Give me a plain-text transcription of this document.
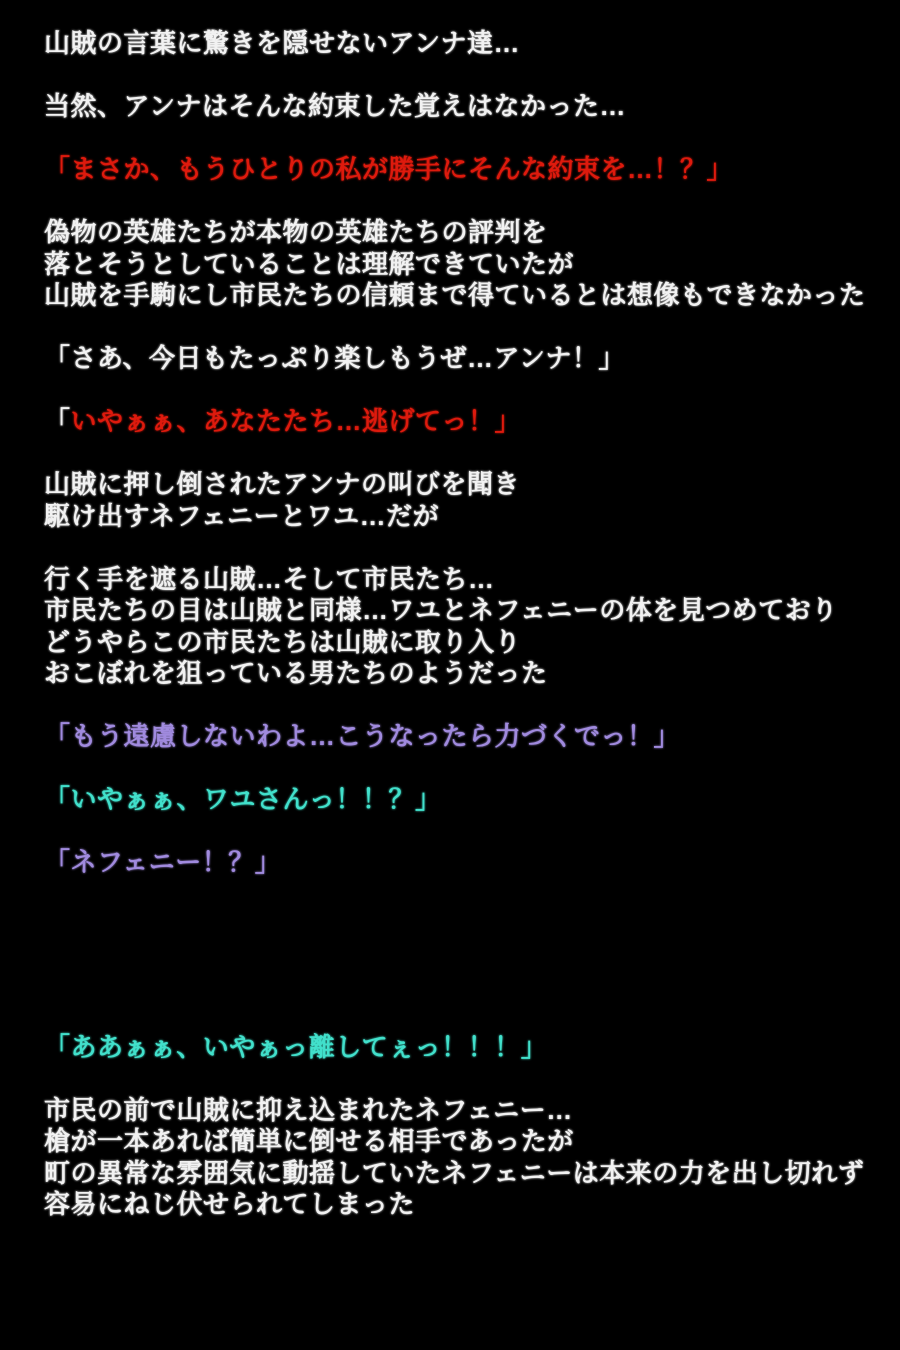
山賊の言葉に驚きを隠せないアンナ達…

当然、アンナはそんな約束した覚えはなかった…

「まさか、もうひとりの私が勝手にそんな約束を…！？」

偽物の英雄たちが本物の英雄たちの評判を

落とそうとしていることは理解できていたが

山賊を手駒にし市民たちの信頼まで得ているとは想像もできなかった

「さあ、今日もたっぷり楽しもうぜ…アンナ！」

「いやぁぁ、あなたたち…逃げてっ！」

山賊に押し倒されたアンナの叫びを聞き

駆け出すネフェニーとワユ…だが

行く手を遮る山賊…そして市民たち…

市民たちの目は山賊と同様…ワユとネフェニーの体を見つめており

どうやらこの市民たちは山賊に取り入り

おこぼれを狙っている男たちのようだった

「もう遠慮しないわよ…こうなったら力づくでっ！」

「いやぁぁ、ワユさんっ！！？」

「ネフェニー！？」

「ああぁぁ、いやぁっ離してぇっ！！！」

市民の前で山賊に抑え込まれたネフェニー…

槍が一本あれば簡単に倒せる相手であったが

町の異常な雰囲気に動揺していたネフェニーは本来の力を出し切れず

容易にねじ伏せられてしまった
